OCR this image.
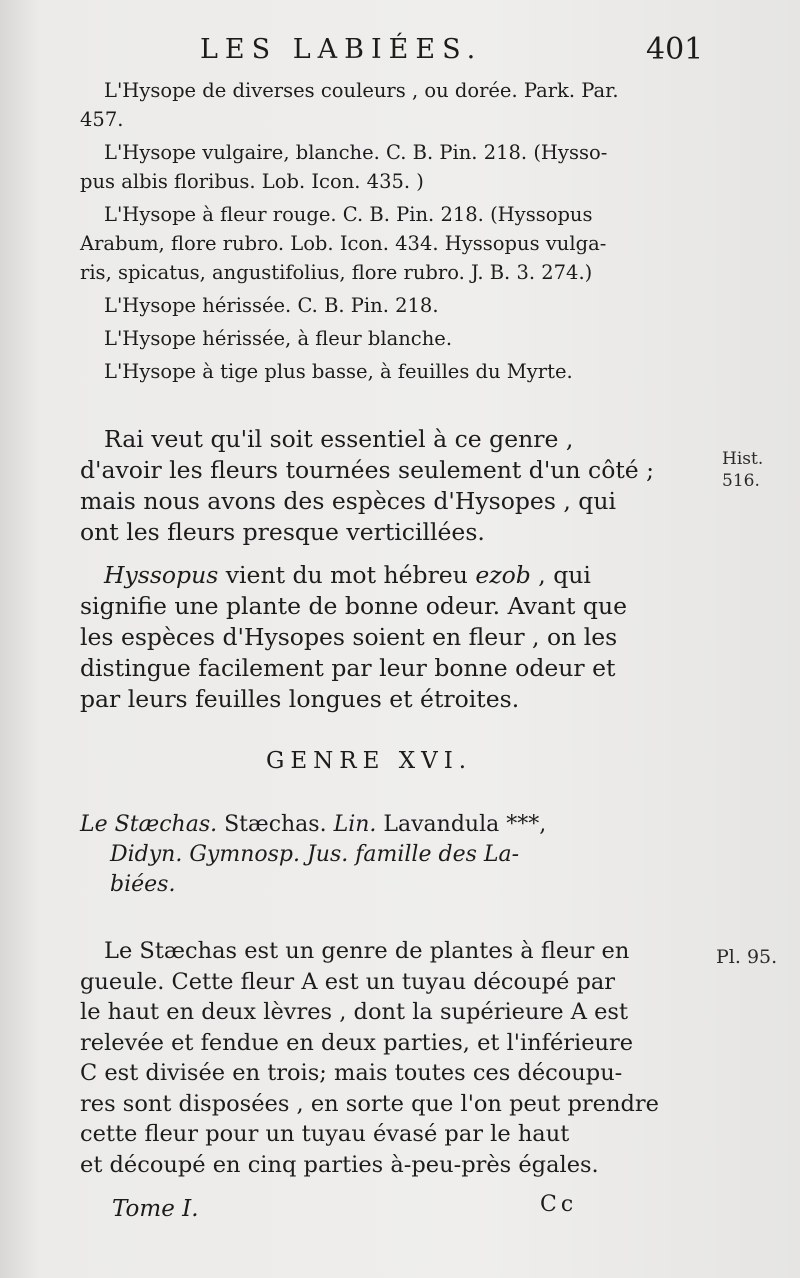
LES LABIÉES.	401

L'Hysope de diverses couleurs , ou dorée. Park. Par.
457.

L'Hysope vulgaire, blanche. C. B. Pin. 218. (Hysso-
pus albis floribus. Lob. Icon. 435. )

L'Hysope à fleur rouge. C. B. Pin. 218. (Hyssopus
Arabum, flore rubro. Lob. Icon. 434. Hyssopus vulga-
ris, spicatus, angustifolius, flore rubro. J. B. 3. 274.)

L'Hysope hérissée. C. B. Pin. 218.

L'Hysope hérissée, à fleur blanche.

L'Hysope à tige plus basse, à feuilles du Myrte.

Rai veut qu'il soit essentiel à ce genre ,

d'avoir les fleurs tournées seulement d'un côté ;

mais nous avons des espèces d'Hysopes , qui

ont les fleurs presque verticillées.

Hist.
516.

Hyssopus vient du mot hébreu ezob , qui

signifie une plante de bonne odeur. Avant que

les espèces d'Hysopes soient en fleur , on les

distingue facilement par leur bonne odeur et

par leurs feuilles longues et étroites.

GENRE XVI.
Le Stæchas. Stæchas. Lin. Lavandula ***,
Didyn. Gymnosp. Jus. famille des La-
biées.
Pl. 95.

Le Stæchas est un genre de plantes à fleur en

gueule. Cette fleur A est un tuyau découpé par

le haut en deux lèvres , dont la supérieure A est

relevée et fendue en deux parties, et l'inférieure

C est divisée en trois; mais toutes ces découpu-

res sont disposées , en sorte que l'on peut prendre

cette fleur pour un tuyau évasé par le haut

et découpé en cinq parties à-peu-près égales.

Tome I.	Cc
